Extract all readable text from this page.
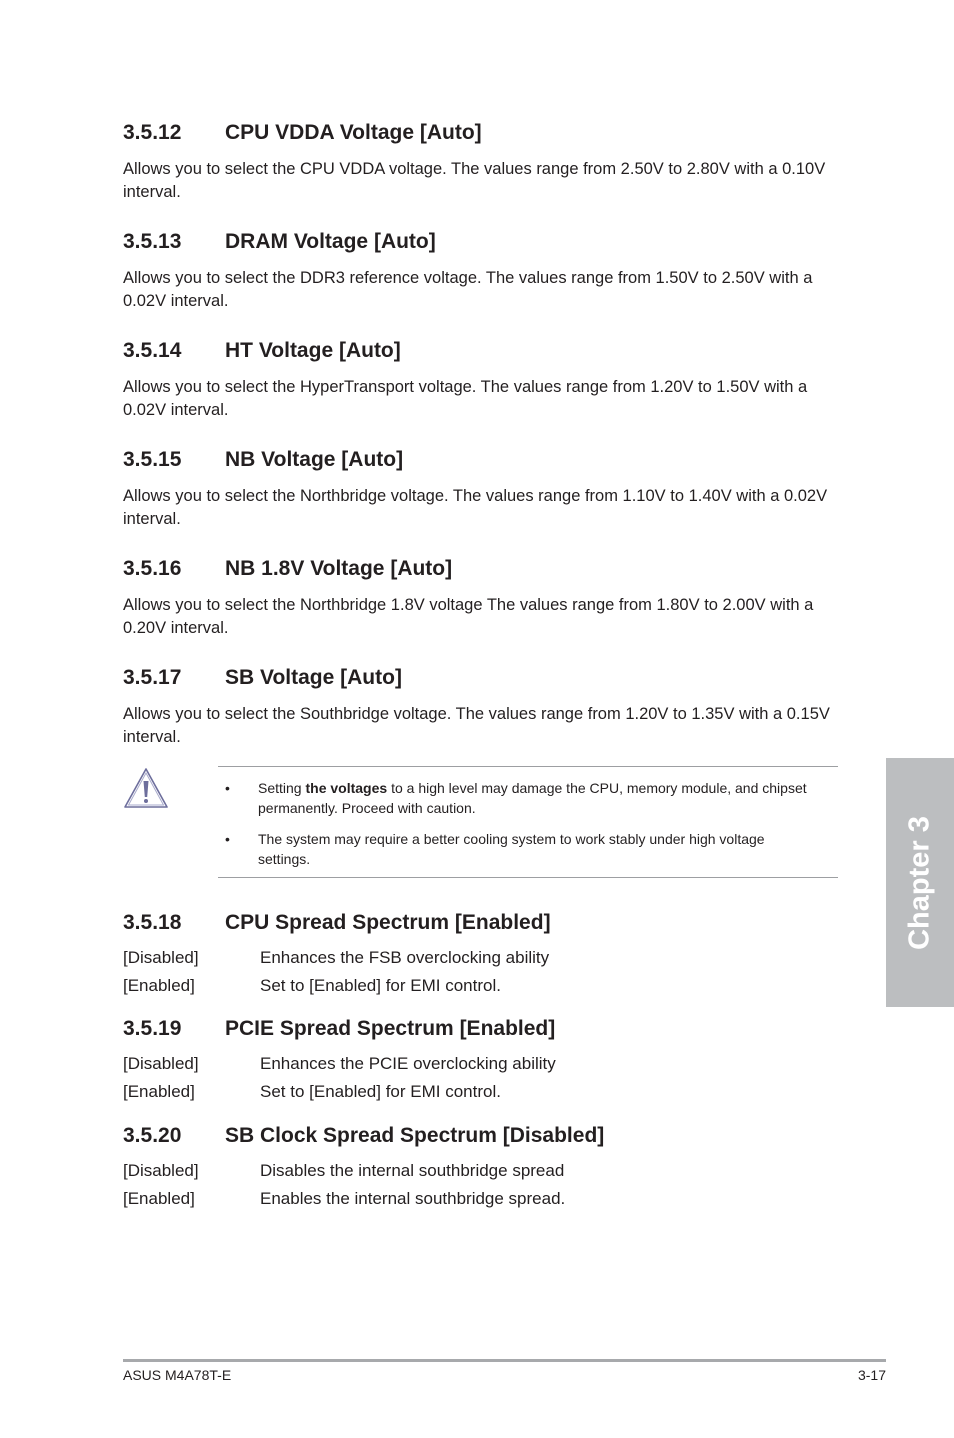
3.5.12	CPU VDDA Voltage [Auto]

Allows you to select the CPU VDDA voltage. The values range from 2.50V to 2.80V with a 0.10V interval.

3.5.13	DRAM Voltage [Auto]

Allows you to select the DDR3 reference voltage. The values range from 1.50V to 2.50V with a 0.02V interval.

3.5.14	HT Voltage [Auto]

Allows you to select the HyperTransport voltage. The values range from 1.20V to 1.50V with a 0.02V interval.

3.5.15	NB Voltage [Auto]

Allows you to select the Northbridge voltage. The values range from 1.10V to 1.40V with a 0.02V interval.

3.5.16	NB 1.8V Voltage [Auto]

Allows you to select the Northbridge 1.8V voltage The values range from 1.80V to 2.00V with a 0.20V interval.

3.5.17	SB Voltage [Auto]

Allows you to select the Southbridge voltage. The values range from 1.20V to 1.35V with a 0.15V interval.

•	Setting the voltages to a high level may damage the CPU, memory module, and chipset permanently. Proceed with caution.
•	The system may require a better cooling system to work stably under high voltage settings.
3.5.18	CPU Spread Spectrum [Enabled]
[Disabled]	Enhances the FSB overclocking ability
[Enabled]	Set to [Enabled] for EMI control.
3.5.19	PCIE Spread Spectrum [Enabled]
[Disabled]	Enhances the PCIE overclocking ability
[Enabled]	Set to [Enabled] for EMI control.
3.5.20	SB Clock Spread Spectrum [Disabled]
[Disabled]	Disables the internal southbridge spread
[Enabled]	Enables the internal southbridge spread.
Chapter 3
ASUS M4A78T-E	3-17
